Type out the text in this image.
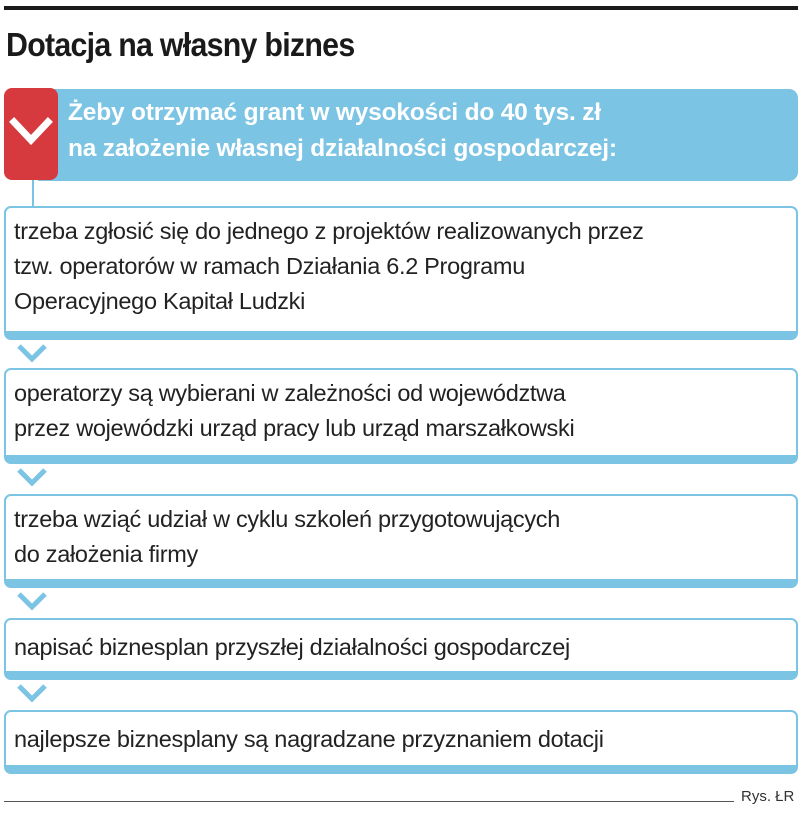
Dotacja na własny biznes
Żeby otrzymać grant w wysokości do 40 tys. zł
na założenie własnej działalności gospodarczej:
trzeba zgłosić się do jednego z projektów realizowanych przez
tzw. operatorów w ramach Działania 6.2 Programu
Operacyjnego Kapitał Ludzki
operatorzy są wybierani w zależności od województwa
przez wojewódzki urząd pracy lub urząd marszałkowski
trzeba wziąć udział w cyklu szkoleń przygotowujących
do założenia firmy
napisać biznesplan przyszłej działalności gospodarczej
najlepsze biznesplany są nagradzane przyznaniem dotacji
Rys. ŁR
